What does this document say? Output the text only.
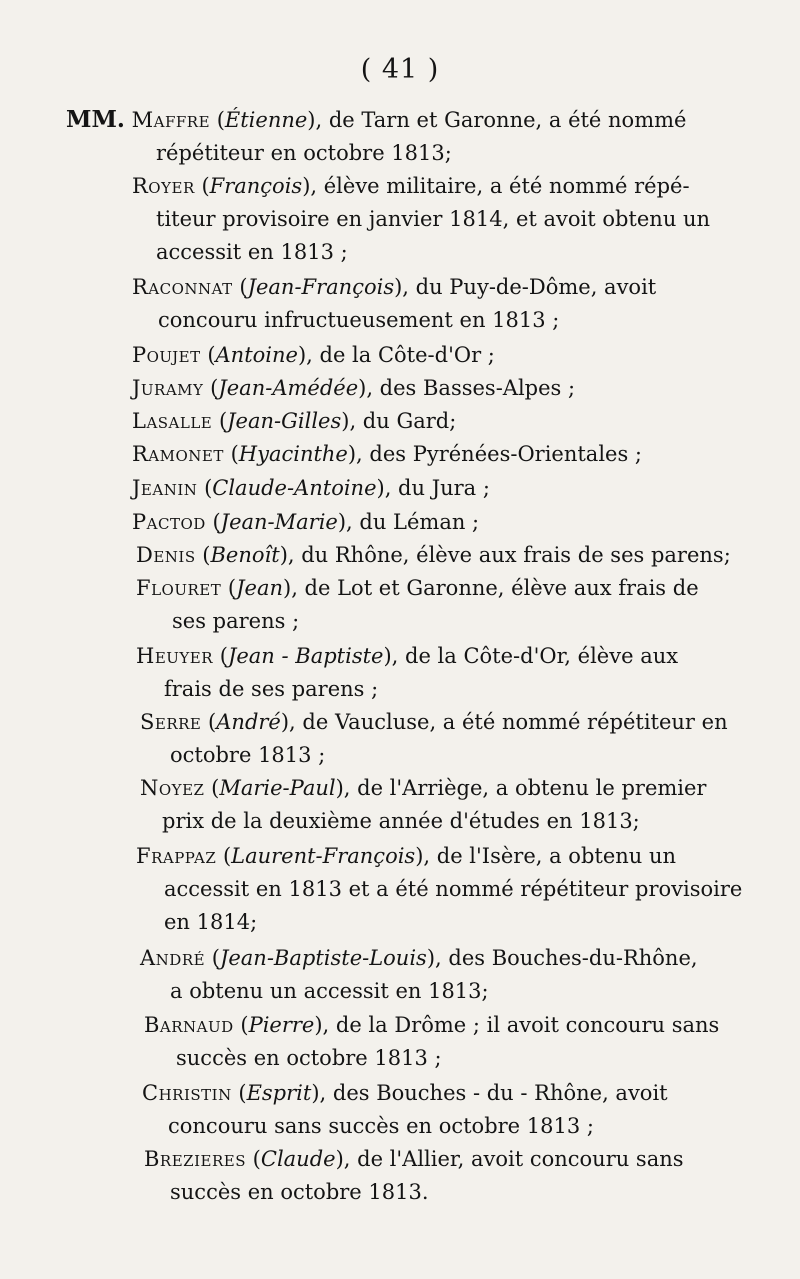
( 41 )
MM. Maffre (Étienne), de Tarn et Garonne, a été nommé
répétiteur en octobre 1813;
Royer (François), élève militaire, a été nommé répé-
titeur provisoire en janvier 1814, et avoit obtenu un
accessit en 1813 ;
Raconnat (Jean-François), du Puy-de-Dôme, avoit
concouru infructueusement en 1813 ;
Poujet (Antoine), de la Côte-d'Or ;
Juramy (Jean-Amédée), des Basses-Alpes ;
Lasalle (Jean-Gilles), du Gard;
Ramonet (Hyacinthe), des Pyrénées-Orientales ;
Jeanin (Claude-Antoine), du Jura ;
Pactod (Jean-Marie), du Léman ;
Denis (Benoît), du Rhône, élève aux frais de ses parens;
Flouret (Jean), de Lot et Garonne, élève aux frais de
ses parens ;
Heuyer (Jean - Baptiste), de la Côte-d'Or, élève aux
frais de ses parens ;
Serre (André), de Vaucluse, a été nommé répétiteur en
octobre 1813 ;
Noyez (Marie-Paul), de l'Arriège, a obtenu le premier
prix de la deuxième année d'études en 1813;
Frappaz (Laurent-François), de l'Isère, a obtenu un
accessit en 1813 et a été nommé répétiteur provisoire
en 1814;
André (Jean-Baptiste-Louis), des Bouches-du-Rhône,
a obtenu un accessit en 1813;
Barnaud (Pierre), de la Drôme ; il avoit concouru sans
succès en octobre 1813 ;
Christin (Esprit), des Bouches - du - Rhône, avoit
concouru sans succès en octobre 1813 ;
Brezieres (Claude), de l'Allier, avoit concouru sans
succès en octobre 1813.
